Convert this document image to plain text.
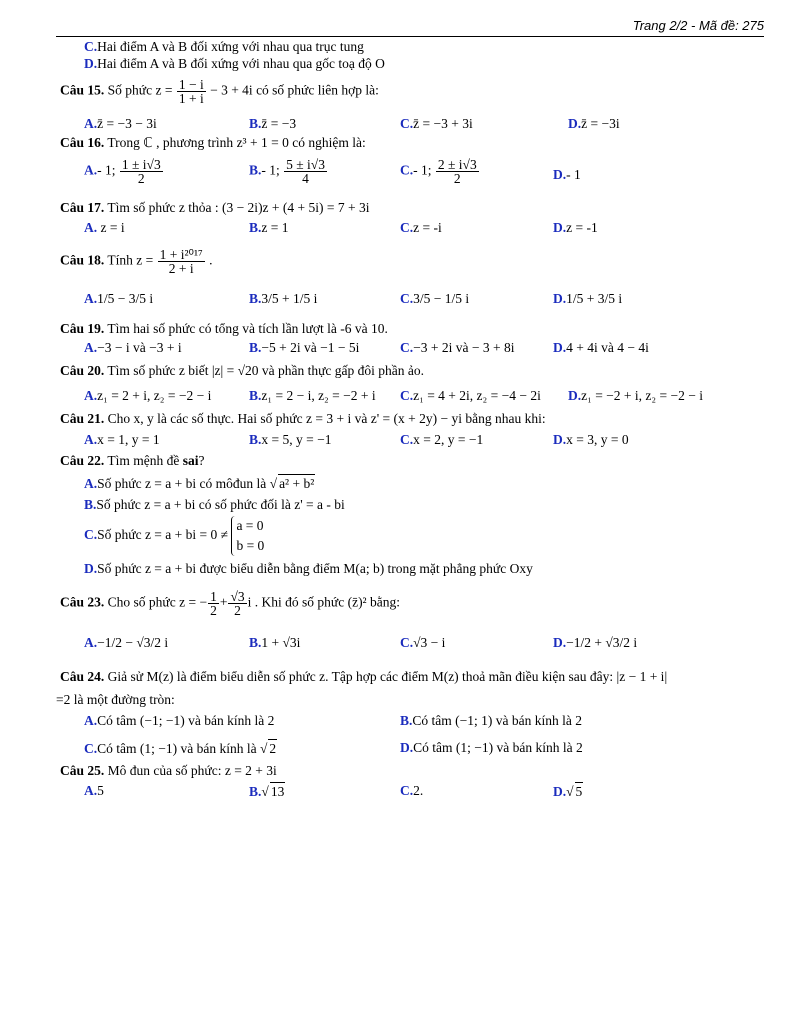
Trang 2/2 - Mã đề: 275
C.Hai điểm A và B đối xứng với nhau qua trục tung
D.Hai điểm A và B đối xứng với nhau qua gốc toạ độ O
Câu 15. Số phức $z = \frac{1 - i}{1 + i} - 3 + 4i$ có số phức liên hợp là:
A.z̄ = −3 − 3i	B.z̄ = −3	C.z̄ = −3 + 3i	D.z̄ = −3i
Câu 16. Trong ℂ , phương trình z³ + 1 = 0 có nghiệm là:
A.- 1; $\frac{1 \pm i√3}{2}$	B.- 1; $\frac{5 \pm i√3}{4}$	C.- 1; $\frac{2 \pm i√3}{2}$	D.- 1
Câu 17. Tìm số phức z thỏa : (3 − 2i)z + (4 + 5i) = 7 + 3i
A. z = i	B.z = 1	C.z = -i	D.z = -1
Câu 18. Tính $z = \frac{\text{1 + i²⁰¹⁷}}{2 + i}$ .
A.1/5 − 3/5 i	B.3/5 + 1/5 i	C.3/5 − 1/5 i	D.1/5 + 3/5 i
Câu 19. Tìm hai số phức có tổng và tích lần lượt là -6 và 10.
A.−3 − i và −3 + i	B.−5 + 2i và −1 − 5i	C.−3 + 2i và − 3 + 8i	D.4 + 4i và 4 − 4i
Câu 20. Tìm số phức z biết |z| = √20 và phần thực gấp đôi phần ảo.
A.z₁ = 2 + i, z₂ = −2 − i	B.z₁ = 2 − i, z₂ = −2 + i C.z₁ = 4 + 2i, z₂ = −4 − 2i D.z₁ = −2 + i, z₂ = −2 − i
Câu 21. Cho x, y là các số thực. Hai số phức z = 3 + i và z' = (x + 2y) − yi bằng nhau khi:
A.x = 1, y = 1	B.x = 5, y = −1	C.x = 2, y = −1	D.x = 3, y = 0
Câu 22. Tìm mệnh đề sai?
A.Số phức z = a + bi có môđun là √ a² + b²
B.Số phức z = a + bi có số phức đối là z' = a - bi
C.Số phức z = a + bi = 0 ≠
a = 0
b = 0
D.Số phức z = a + bi được biểu diễn bằng điểm M(a; b) trong mặt phẳng phức Oxy
Câu 23. Cho số phức z = − $\frac{1}{2} + \frac{√3}{2}$ i . Khi đó số phức (z̄)² bằng:
A.−1/2 − √3/2 i	B.1 + √3i	C.√3 − i	D.−1/2 + √3/2 i
Câu 24. Giả sử M(z) là điểm biểu diễn số phức z. Tập hợp các điểm M(z) thoả mãn điều kiện sau đây: |z − 1 + i|
=2 là một đường tròn:
A.Có tâm (−1; −1) và bán kính là 2	B.Có tâm (−1; 1) và bán kính là 2
C.Có tâm (1; −1) và bán kính là √ 2	D.Có tâm (1; −1) và bán kính là 2
Câu 25. Mô đun của số phức: z = 2 + 3i
A.5	B. √ 13	C.2.	D. √ 5
